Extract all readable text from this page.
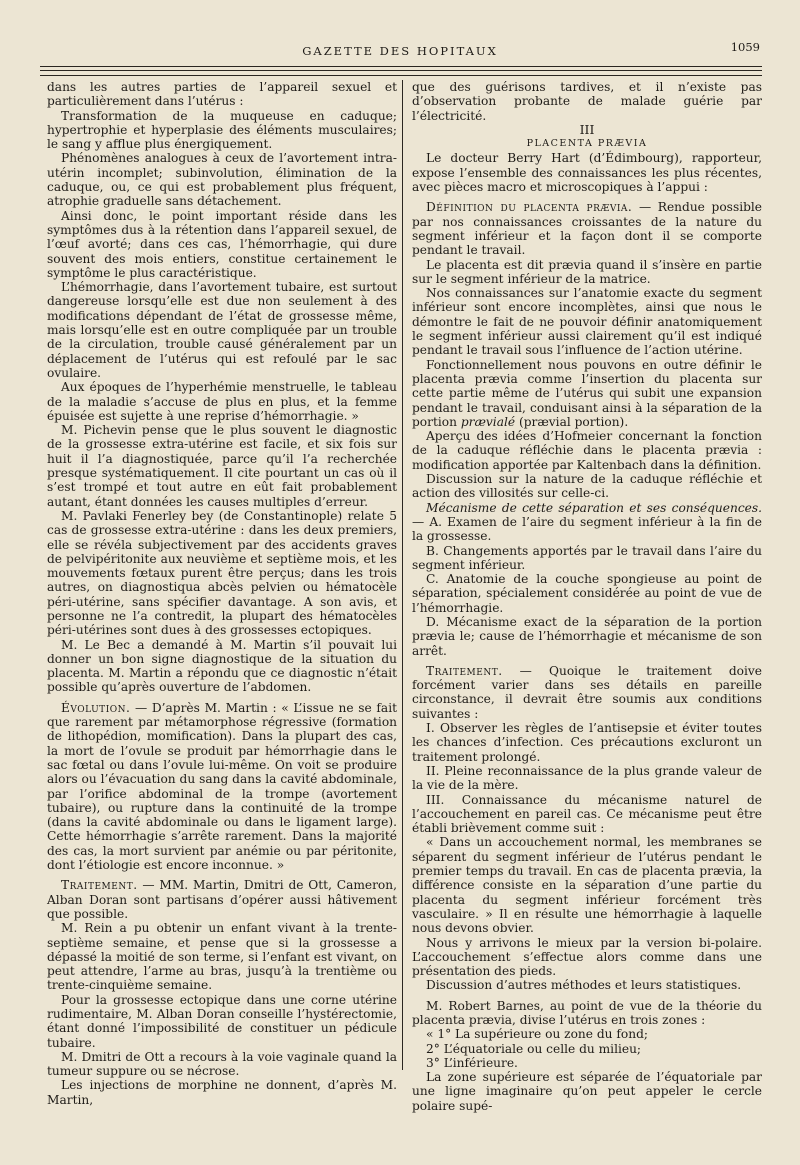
GAZETTE DES HOPITAUX	1059

dans les autres parties de l’appareil sexuel et particulièrement dans l’utérus :

Transformation de la muqueuse en caduque; hypertrophie et hyperplasie des éléments musculaires; le sang y afflue plus énergiquement.

Phénomènes analogues à ceux de l’avortement intra-utérin incomplet; subinvolution, élimination de la caduque, ou, ce qui est probablement plus fréquent, atrophie graduelle sans détachement.

Ainsi donc, le point important réside dans les symptômes dus à la rétention dans l’appareil sexuel, de l’œuf avorté; dans ces cas, l’hémorrhagie, qui dure souvent des mois entiers, constitue certainement le symptôme le plus caractéristique.

L’hémorrhagie, dans l’avortement tubaire, est surtout dangereuse lorsqu’elle est due non seulement à des modifications dépendant de l’état de grossesse même, mais lorsqu’elle est en outre compliquée par un trouble de la circulation, trouble causé généralement par un déplacement de l’utérus qui est refoulé par le sac ovulaire.

Aux époques de l’hyperhémie menstruelle, le tableau de la maladie s’accuse de plus en plus, et la femme épuisée est sujette à une reprise d’hémorrhagie. »

M. Pichevin pense que le plus souvent le diagnostic de la grossesse extra-utérine est facile, et six fois sur huit il l’a diagnostiquée, parce qu’il l’a recherchée presque systématiquement. Il cite pourtant un cas où il s’est trompé et tout autre en eût fait probablement autant, étant données les causes multiples d’erreur.

M. Pavlaki Fenerley bey (de Constantinople) relate 5 cas de grossesse extra-utérine : dans les deux premiers, elle se révéla subjectivement par des accidents graves de pelvipéritonite aux neuvième et septième mois, et les mouvements fœtaux purent être perçus; dans les trois autres, on diagnostiqua abcès pelvien ou hématocèle péri-utérine, sans spécifier davantage. A son avis, et personne ne l’a contredit, la plupart des hématocèles péri-utérines sont dues à des grossesses ectopiques.

M. Le Bec a demandé à M. Martin s’il pouvait lui donner un bon signe diagnostique de la situation du placenta. M. Martin a répondu que ce diagnostic n’était possible qu’après ouverture de l’abdomen.

Évolution. — D’après M. Martin : « L’issue ne se fait que rarement par métamorphose régressive (formation de lithopédion, momification). Dans la plupart des cas, la mort de l’ovule se produit par hémorrhagie dans le sac fœtal ou dans l’ovule lui-même. On voit se produire alors ou l’évacuation du sang dans la cavité abdominale, par l’orifice abdominal de la trompe (avortement tubaire), ou rupture dans la continuité de la trompe (dans la cavité abdominale ou dans le ligament large). Cette hémorrhagie s’arrête rarement. Dans la majorité des cas, la mort survient par anémie ou par péritonite, dont l’étiologie est encore inconnue. »

Traitement. — MM. Martin, Dmitri de Ott, Cameron, Alban Doran sont partisans d’opérer aussi hâtivement que possible.

M. Rein a pu obtenir un enfant vivant à la trente-septième semaine, et pense que si la grossesse a dépassé la moitié de son terme, si l’enfant est vivant, on peut attendre, l’arme au bras, jusqu’à la trentième ou trente-cinquième semaine.

Pour la grossesse ectopique dans une corne utérine rudimentaire, M. Alban Doran conseille l’hystérectomie, étant donné l’impossibilité de constituer un pédicule tubaire.

M. Dmitri de Ott a recours à la voie vaginale quand la tumeur suppure ou se nécrose.

Les injections de morphine ne donnent, d’après M. Martin,

que des guérisons tardives, et il n’existe pas d’observation probante de malade guérie par l’électricité.

III

PLACENTA PRÆVIA

Le docteur Berry Hart (d’Édimbourg), rapporteur, expose l’ensemble des connaissances les plus récentes, avec pièces macro et microscopiques à l’appui :

Définition du placenta prævia. — Rendue possible par nos connaissances croissantes de la nature du segment inférieur et la façon dont il se comporte pendant le travail.

Le placenta est dit prævia quand il s’insère en partie sur le segment inférieur de la matrice.

Nos connaissances sur l’anatomie exacte du segment inférieur sont encore incomplètes, ainsi que nous le démontre le fait de ne pouvoir définir anatomiquement le segment inférieur aussi clairement qu’il est indiqué pendant le travail sous l’influence de l’action utérine.

Fonctionnellement nous pouvons en outre définir le placenta prævia comme l’insertion du placenta sur cette partie même de l’utérus qui subit une expansion pendant le travail, conduisant ainsi à la séparation de la portion prævialé (prævial portion).

Aperçu des idées d’Hofmeier concernant la fonction de la caduque réfléchie dans le placenta prævia : modification apportée par Kaltenbach dans la définition.

Discussion sur la nature de la caduque réfléchie et action des villosités sur celle-ci.

Mécanisme de cette séparation et ses conséquences. — A. Examen de l’aire du segment inférieur à la fin de la grossesse.

B. Changements apportés par le travail dans l’aire du segment inférieur.

C. Anatomie de la couche spongieuse au point de séparation, spécialement considérée au point de vue de l’hémorrhagie.

D. Mécanisme exact de la séparation de la portion prævia le; cause de l’hémorrhagie et mécanisme de son arrêt.

Traitement. — Quoique le traitement doive forcément varier dans ses détails en pareille circonstance, il devrait être soumis aux conditions suivantes :

I. Observer les règles de l’antisepsie et éviter toutes les chances d’infection. Ces précautions excluront un traitement prolongé.

II. Pleine reconnaissance de la plus grande valeur de la vie de la mère.

III. Connaissance du mécanisme naturel de l’accouchement en pareil cas. Ce mécanisme peut être établi brièvement comme suit :

« Dans un accouchement normal, les membranes se séparent du segment inférieur de l’utérus pendant le premier temps du travail. En cas de placenta prævia, la différence consiste en la séparation d’une partie du placenta du segment inférieur forcément très vasculaire. » Il en résulte une hémorrhagie à laquelle nous devons obvier.

Nous y arrivons le mieux par la version bi-polaire. L’accouchement s’effectue alors comme dans une présentation des pieds.

Discussion d’autres méthodes et leurs statistiques.

M. Robert Barnes, au point de vue de la théorie du placenta prævia, divise l’utérus en trois zones :

« 1° La supérieure ou zone du fond;

2° L’équatoriale ou celle du milieu;

3° L’inférieure.

La zone supérieure est séparée de l’équatoriale par une ligne imaginaire qu’on peut appeler le cercle polaire supé-
